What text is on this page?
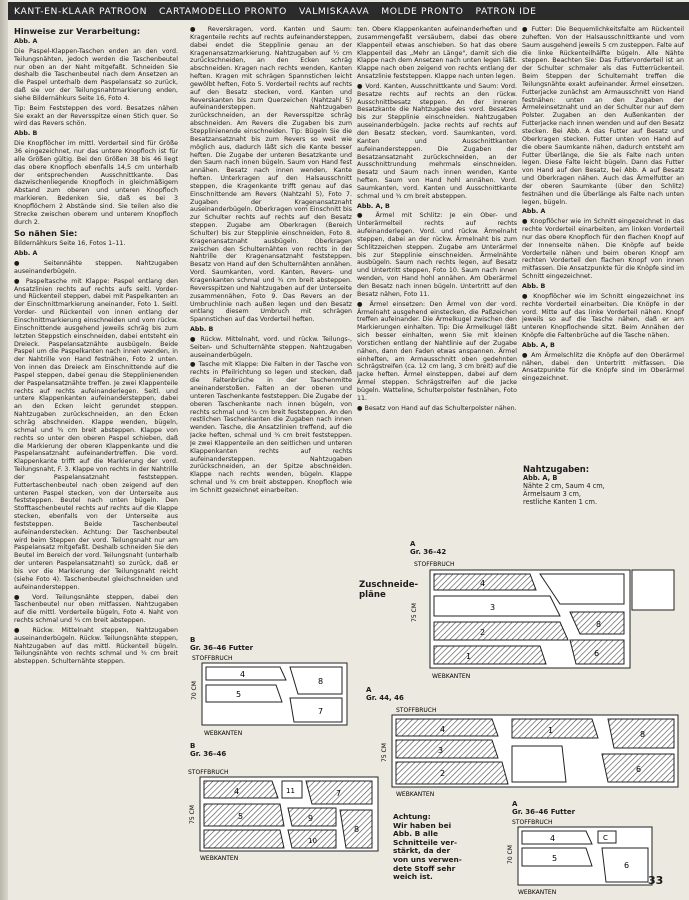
KANT-EN-KLAAR PATROON	CARTAMODELLO PRONTO	VALMISKAAVA	MOLDE PRONTO	PATRON IDE

Hinweise zur Verarbeitung:

Abb. A

Die Paspel-Klappen-Taschen enden an den vord. Teilungsnähten, jedoch werden die Taschenbeutel nur oben an der Naht mitgefaßt. Schneiden Sie deshalb die Taschenbeutel nach dem Ansetzen an die Paspel unterhalb dem Paspelansatz so zurück, daß sie vor der Teilungsnahtmarkierung enden, siehe Bildernähkurs Seite 16, Foto 4.

Tip: Beim Feststeppen des vord. Besatzes nähen Sie exakt an der Reversspitze einen Stich quer. So wird das Revers schön.

Abb. B

Die Knopflöcher im mittl. Vorderteil sind für Größe 36 eingezeichnet, nur das untere Knopfloch ist für alle Größen gültig. Bei den Größen 38 bis 46 liegt das obere Knopfloch ebenfalls 14,5 cm unterhalb der entsprechenden Ausschnittkante. Das dazwischenliegende Knopfloch in gleichmäßigem Abstand zum oberen und unteren Knopfloch markieren. Bedenken Sie, daß es bei 3 Knopflöchern 2 Abstände sind. Sie teilen also die Strecke zwischen oberem und unterem Knopfloch durch 2.

So nähen Sie:

Bildernähkurs Seite 16, Fotos 1–11.

Abb. A

● Seitennähte steppen. Nahtzugaben auseinanderbügeln.

● Paspeltasche mit Klappe: Paspel entlang den Ansatzlinien rechts auf rechts aufs seitl. Vorder- und Rückenteil steppen, dabei mit Paspelkanten an der Einschnittmarkierung aneinander, Foto 1. Seitl. Vorder- und Rückenteil von innen entlang der Einschnittmarkierung einschneiden und vom rückw. Einschnittende ausgehend jeweils schräg bis zum letzten Steppstich einschneiden, dabei entsteht ein Dreieck. Paspelansatznähte ausbügeln. Beide Paspel um die Paspelkanten nach innen wenden, in der Nahtrille von Hand festnähen, Foto 2 unten. Von innen das Dreieck am Einschnittende auf die Paspel steppen, dabei genau die Stepplinienenden der Paspelansatznähte treffen. Je zwei Klappenteile rechts auf rechts aufeinanderlegen. Seitl. und untere Klappenkanten aufeinandersteppen, dabei an den Ecken leicht gerundet steppen. Nahtzugaben zurückschneiden, an den Ecken schräg abschneiden. Klappe wenden, bügeln, schmal und ¾ cm breit absteppen. Klappe von rechts so unter den oberen Paspel schieben, daß die Markierung der oberen Klappenkante und die Paspelansatznaht aufeinandertreffen. Die vord. Klappenkante trifft auf die Markierung der vord. Teilungsnaht, F. 3. Klappe von rechts in der Nahtrille der Paspelansatznaht feststeppen. Futtertaschenbeutel nach oben zeigend auf den unteren Paspel stecken, von der Unterseite aus feststeppen. Beutel nach unten bügeln. Den Stofftaschenbeutel rechts auf rechts auf die Klappe stecken, ebenfalls von der Unterseite aus feststeppen. Beide Taschenbeutel aufeinanderstecken. Achtung: Der Taschenbeutel wird beim Steppen der vord. Teilungsnaht nur am Paspelansatz mitgefaßt. Deshalb schneiden Sie den Beutel im Bereich der vord. Teilungsnaht (unterhalb der unteren Paspelansatznaht) so zurück, daß er bis vor die Markierung der Teilungsnaht reicht (siehe Foto 4). Taschenbeutel gleichschneiden und aufeinandersteppen.

● Vord. Teilungsnähte steppen, dabei den Taschenbeutel nur oben mitfassen. Nahtzugaben auf die mittl. Vorderteile bügeln, Foto 4. Naht von rechts schmal und ¾ cm breit absteppen.

● Rückw. Mittelnaht steppen, Nahtzugaben auseinanderbügeln. Rückw. Teilungsnähte steppen, Nahtzugaben auf das mittl. Rückenteil bügeln. Teilungsnähte von rechts schmal und ¾ cm breit absteppen. Schulternähte steppen.

● Reverskragen, vord. Kanten und Saum: Kragenteile rechts auf rechts aufeinandersteppen, dabei endet die Stepplinie genau an der Kragenansatzmarkierung. Nahtzugaben auf ½ cm zurückschneiden, an den Ecken schräg abschneiden. Kragen nach rechts wenden, Kanten heften. Kragen mit schrägen Spannstichen leicht gewölbt heften, Foto 5. Vorderteil rechts auf rechts auf den Besatz stecken, vord. Kanten und Reverskanten bis zum Querzeichen (Nahtzahl 5) aufeinandersteppen. Nahtzugaben zurückschneiden, an der Reversspitze schräg abschneiden. Am Revers die Zugaben bis zum Stepplinienende einschneiden. Tip: Bügeln Sie die Besatzansatznaht bis zum Revers so weit wie möglich aus, dadurch läßt sich die Kante besser heften. Die Zugabe der unteren Besatzkante und den Saum nach innen bügeln. Saum von Hand fest annähen. Besatz nach innen wenden, Kante heften. Unterkragen auf den Halsausschnitt steppen, die Kragenkante trifft genau auf das Einschnittende am Revers (Nahtzahl 5), Foto 7. Zugaben der Kragenansatznaht auseinanderbügeln. Oberkragen vom Einschnitt bis zur Schulter rechts auf rechts auf den Besatz steppen. Zugabe am Oberkragen (Bereich Schulter) bis zur Stepplinie einschneiden, Foto 8. Kragenansatznaht ausbügeln. Oberkragen zwischen den Schulternähten von rechts in der Nahtrille der Kragenansatznaht feststeppen. Besatz von Hand auf den Schulternähten annähen. Vord. Saumkanten, vord. Kanten, Revers- und Kragenkanten schmal und ¾ cm breit absteppen. Reversspitzen und Nahtzugaben auf der Unterseite zusammennähen, Foto 9. Das Revers an der Umbruchlinie nach außen legen und den Besatz entlang diesem Umbruch mit schrägen Spannstichen auf das Vorderteil heften.

Abb. B

● Rückw. Mittelnaht, vord. und rückw. Teilungs-, Seiten- und Schulternähte steppen. Nahtzugaben auseinanderbügeln.

● Tasche mit Klappe: Die Falten in der Tasche von rechts in Pfeilrichtung so legen und stecken, daß die Faltenbrüche in der Taschenmitte aneinanderstoßen. Falten an der oberen und unteren Taschenkante feststeppen. Die Zugabe der oberen Taschenkante nach innen bügeln, von rechts schmal und ¾ cm breit feststeppen. An den restlichen Taschenkanten die Zugaben nach innen wenden. Tasche, die Ansatzlinien treffend, auf die Jacke heften, schmal und ¾ cm breit feststeppen. Je zwei Klappenteile an den seitlichen und unteren Klappenkanten rechts auf rechts aufeinandersteppen. Nahtzugaben zurückschneiden, an der Spitze abschneiden. Klappe nach rechts wenden, bügeln. Klappe schmal und ¾ cm breit absteppen. Knopfloch wie im Schnitt gezeichnet einarbeiten.

ten. Obere Klappenkanten aufeinanderheften und zusammengefaßt versäubern, dabei das obere Klappenteil etwas anschieben. So hat das obere Klappenteil das „Mehr an Länge", damit sich die Klappe nach dem Ansetzen nach unten legen läßt. Klappe nach oben zeigend von rechts entlang der Ansatzlinie feststeppen. Klappe nach unten legen.

● Vord. Kanten, Ausschnittkante und Saum: Vord. Besatze rechts auf rechts an den rückw. Ausschnittbesatz steppen. An der inneren Besatzkante die Nahtzugabe des vord. Besatzes bis zur Stepplinie einschneiden. Nahtzugaben auseinanderbügeln. Jacke rechts auf rechts auf den Besatz stecken, vord. Saumkanten, vord. Kanten und Ausschnittkanten aufeinandersteppen. Die Zugaben der Besatzansatznaht zurückschneiden, an der Ausschnittrundung mehrmals einschneiden. Besatz und Saum nach innen wenden, Kante heften. Saum von Hand hohl annähen. Vord. Saumkanten, vord. Kanten und Ausschnittkante schmal und ¾ cm breit absteppen.

Abb. A, B

● Ärmel mit Schlitz: Je ein Ober- und Unterärmelteil rechts auf rechts aufeinanderlegen. Vord. und rückw. Ärmelnaht steppen, dabei an der rückw. Ärmelnaht bis zum Schlitzzeichen steppen. Zugabe am Unterärmel bis zur Stepplinie einschneiden. Ärmelnähte ausbügeln. Saum nach rechts legen, auf Besatz und Untertritt steppen, Foto 10. Saum nach innen wenden, von Hand hohl annähen. Am Oberärmel den Besatz nach innen bügeln. Untertritt auf den Besatz nähen, Foto 11.

● Ärmel einsetzen: Den Ärmel von der vord. Ärmelnaht ausgehend einstecken, die Paßzeichen treffen aufeinander. Die Ärmelkugel zwischen den Markierungen einhalten. Tip: Die Ärmelkugel läßt sich besser einhalten, wenn Sie mit kleinen Vorstichen entlang der Nahtlinie auf der Zugabe nähen, dann den Faden etwas anspannen. Ärmel einheften, am Armausschnitt oben gedehnten Schrägstreifen (ca. 12 cm lang, 3 cm breit) auf die Jacke heften. Ärmel einsteppen, dabei auf dem Ärmel steppen. Schrägstreifen auf die Jacke bügeln. Watteline, Schulterpolster festnähen, Foto 11.

● Besatz von Hand auf das Schulterpolster nähen.

● Futter: Die Bequemlichkeitsfalte am Rückenteil zuheften. Von der Halsausschnittkante und vom Saum ausgehend jeweils 5 cm zusteppen. Falte auf die linke Rückenteilhälfte bügeln. Alle Nähte steppen. Beachten Sie: Das Futtervorderteil ist an der Schulter schmaler als das Futterrückenteil. Beim Steppen der Schulternaht treffen die Teilungsnähte exakt aufeinander. Ärmel einsetzen. Futterjacke zunächst am Armausschnitt von Hand festnähen: unten an den Zugaben der Ärmeleinsetznaht und an der Schulter nur auf dem Polster. Zugaben an den Außenkanten der Futterjacke nach innen wenden und auf den Besatz stecken. Bei Abb. A das Futter auf Besatz und Oberkragen stecken. Futter unten von Hand auf die obere Saumkante nähen, dadurch entsteht am Futter Überlänge, die Sie als Falte nach unten legen. Diese Falte leicht bügeln. Dann das Futter von Hand auf den Besatz, bei Abb. A auf Besatz und Oberkragen nähen. Auch das Ärmelfutter an der oberen Saumkante (über den Schlitz) festnähen und die Überlänge als Falte nach unten legen, bügeln.

Abb. A

● Knopflöcher wie im Schnitt eingezeichnet in das rechte Vorderteil einarbeiten, am linken Vorderteil nur das obere Knopfloch für den flachen Knopf auf der Innenseite nähen. Die Knöpfe auf beide Vorderteile nähen und beim oberen Knopf am rechten Vorderteil den flachen Knopf von innen mitfassen. Die Ansatzpunkte für die Knöpfe sind im Schnitt eingezeichnet.

Abb. B

● Knopflöcher wie im Schnitt eingezeichnet ins rechte Vorderteil einarbeiten. Die Knöpfe in der vord. Mitte auf das linke Vorderteil nähen. Knopf jeweils so auf die Tasche nähen, daß er am unteren Knopflochende sitzt. Beim Annähen der Knöpfe die Faltenbrüche auf die Tasche nähen.

Abb. A, B

● Am Ärmelschlitz die Knöpfe auf den Oberärmel nähen, dabei den Untertritt mitfassen. Die Ansatzpunkte für die Knöpfe sind im Oberärmel eingezeichnet.

Nahtzugaben:
Abb. A, B
Nähte 2 cm, Saum 4 cm,
Ärmelsaum 3 cm,
restliche Kanten 1 cm.
Zuschneide-pläne
A
Gr. 36–42
STOFFBRUCH
75 CM
4
3
2
1
8
6
WEBKANTEN
B
Gr. 36–46 Futter
STOFFBRUCH
70 CM
4
5
8
7
WEBKANTEN
A
Gr. 44, 46
STOFFBRUCH
75 CM
4
3
2
1	8
6
WEBKANTEN
B
Gr. 36–46
STOFFBRUCH
75 CM
4	11	7
5	9
10
8
WEBKANTEN
A
Gr. 36–46 Futter
STOFFBRUCH
70 CM
4	C
5
6
WEBKANTEN
Achtung:
Wir haben bei
Abb. B alle
Schnitteile ver-
stärkt, da der
von uns verwen-
dete Stoff sehr
weich ist.	33
